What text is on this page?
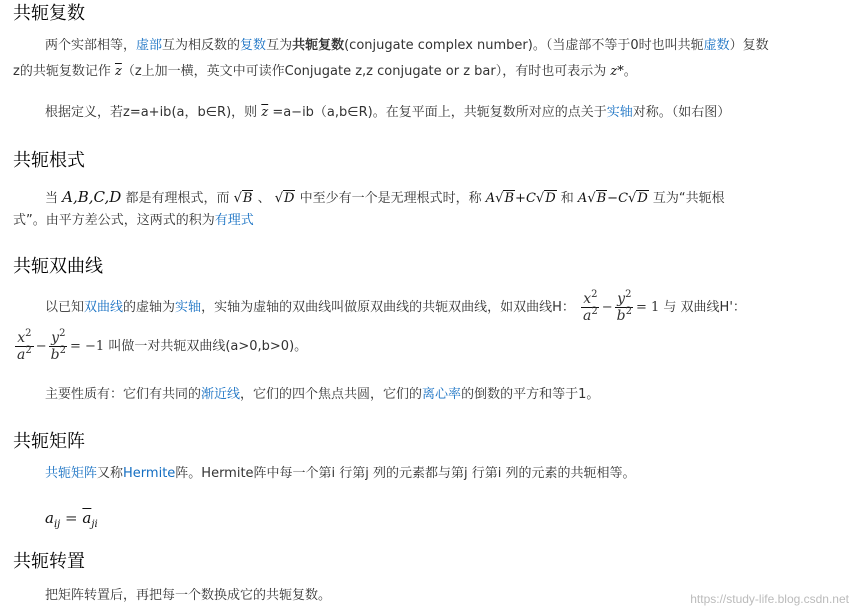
共轭复数

两个实部相等，虚部互为相反数的复数互为共轭复数(conjugate complex number)。（当虚部不等于0时也叫共轭虚数）复数

z的共轭复数记作 $\overline{z}(z$上加一横，英文中可读作Conjugate z,z conjugate or z bar），有时也可表示为 z*。

根据定义，若z=a+ib(a，b∈R)，则 $\overline{z}$ =a−ib（a,b∈R)。在复平面上，共轭复数所对应的点关于实轴对称。（如右图）

共轭根式

当 A,B,C,D 都是有理根式，而 √B 、 √D 中至少有一个是无理根式时，称 A√B+C√D 和 A√B−C√D 互为“共轭根

式”。由平方差公式，这两式的积为有理式

共轭双曲线

以已知双曲线的虚轴为实轴，实轴为虚轴的双曲线叫做原双曲线的共轭双曲线，如双曲线H： $\frac{x^2}{a^2} - \frac{y^2}{b^2} = 1$ 与 双曲线H'：

$\frac{x^2}{a^2} - \frac{y^2}{b^2} = -1$ 叫做一对共轭双曲线(a>0,b>0)。

主要性质有：它们有共同的渐近线，它们的四个焦点共圆，它们的离心率的倒数的平方和等于1。

共轭矩阵

共轭矩阵又称Hermite阵。Hermite阵中每一个第i 行第j 列的元素都与第j 行第i 列的元素的共轭相等。

$a_{ij} = \overline{a}_{ji}$

共轭转置

把矩阵转置后，再把每一个数换成它的共轭复数。	https://study-life.blog.csdn.net
